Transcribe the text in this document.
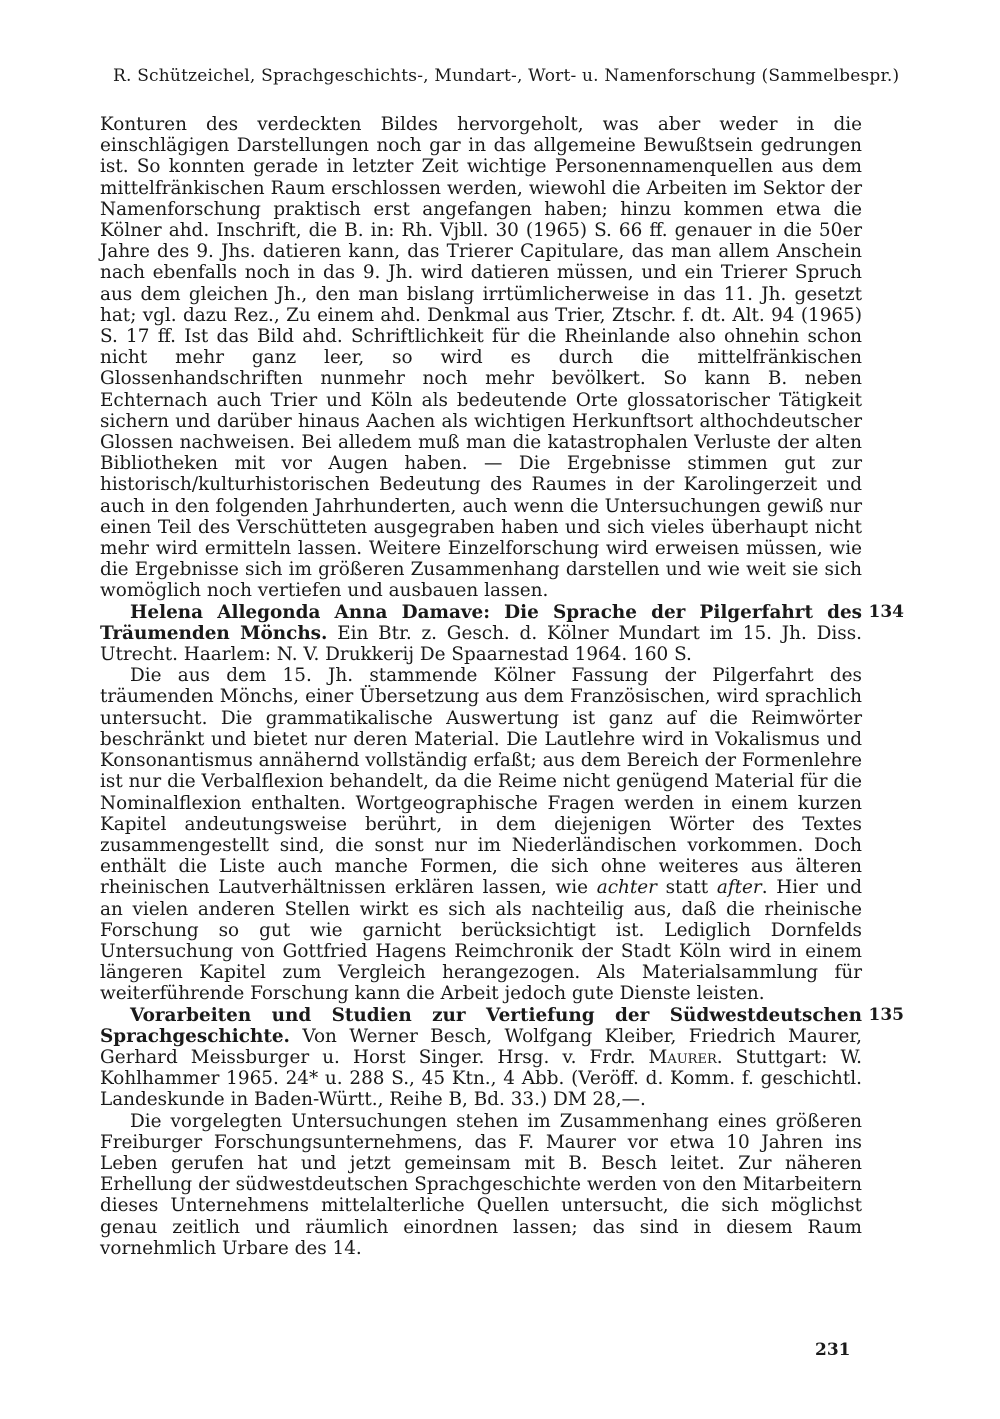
R. Schützeichel, Sprachgeschichts-, Mundart-, Wort- u. Namenforschung (Sammelbespr.)

Konturen des verdeckten Bildes hervorgeholt, was aber weder in die einschlägigen Darstellungen noch gar in das allgemeine Bewußtsein gedrungen ist. So konnten gerade in letzter Zeit wichtige Personennamenquellen aus dem mittelfränkischen Raum erschlossen werden, wiewohl die Arbeiten im Sektor der Namenforschung praktisch erst angefangen haben; hinzu kommen etwa die Kölner ahd. Inschrift, die B. in: Rh. Vjbll. 30 (1965) S. 66 ff. genauer in die 50er Jahre des 9. Jhs. datieren kann, das Trierer Capitulare, das man allem Anschein nach ebenfalls noch in das 9. Jh. wird datieren müssen, und ein Trierer Spruch aus dem gleichen Jh., den man bislang irrtümlicherweise in das 11. Jh. gesetzt hat; vgl. dazu Rez., Zu einem ahd. Denkmal aus Trier, Ztschr. f. dt. Alt. 94 (1965) S. 17 ff. Ist das Bild ahd. Schriftlichkeit für die Rheinlande also ohnehin schon nicht mehr ganz leer, so wird es durch die mittelfränkischen Glossenhandschriften nunmehr noch mehr bevölkert. So kann B. neben Echternach auch Trier und Köln als bedeutende Orte glossatorischer Tätigkeit sichern und darüber hinaus Aachen als wichtigen Herkunftsort althochdeutscher Glossen nachweisen. Bei alledem muß man die katastrophalen Verluste der alten Bibliotheken mit vor Augen haben. — Die Ergebnisse stimmen gut zur historisch/kulturhistorischen Bedeutung des Raumes in der Karolingerzeit und auch in den folgenden Jahrhunderten, auch wenn die Untersuchungen gewiß nur einen Teil des Verschütteten ausgegraben haben und sich vieles überhaupt nicht mehr wird ermitteln lassen. Weitere Einzelforschung wird erweisen müssen, wie die Ergebnisse sich im größeren Zusammenhang darstellen und wie weit sie sich womöglich noch vertiefen und ausbauen lassen.

134

Helena Allegonda Anna Damave: Die Sprache der Pilgerfahrt des Träumenden Mönchs. Ein Btr. z. Gesch. d. Kölner Mundart im 15. Jh. Diss. Utrecht. Haarlem: N. V. Drukkerij De Spaarnestad 1964. 160 S.

Die aus dem 15. Jh. stammende Kölner Fassung der Pilgerfahrt des träumenden Mönchs, einer Übersetzung aus dem Französischen, wird sprachlich untersucht. Die grammatikalische Auswertung ist ganz auf die Reimwörter beschränkt und bietet nur deren Material. Die Lautlehre wird in Vokalismus und Konsonantismus annähernd vollständig erfaßt; aus dem Bereich der Formenlehre ist nur die Verbalflexion behandelt, da die Reime nicht genügend Material für die Nominalflexion enthalten. Wortgeographische Fragen werden in einem kurzen Kapitel andeutungsweise berührt, in dem diejenigen Wörter des Textes zusammengestellt sind, die sonst nur im Niederländischen vorkommen. Doch enthält die Liste auch manche Formen, die sich ohne weiteres aus älteren rheinischen Lautverhältnissen erklären lassen, wie achter statt after. Hier und an vielen anderen Stellen wirkt es sich als nachteilig aus, daß die rheinische Forschung so gut wie garnicht berücksichtigt ist. Lediglich Dornfelds Untersuchung von Gottfried Hagens Reimchronik der Stadt Köln wird in einem längeren Kapitel zum Vergleich herangezogen. Als Materialsammlung für weiterführende Forschung kann die Arbeit jedoch gute Dienste leisten.

135

Vorarbeiten und Studien zur Vertiefung der Südwestdeutschen Sprachgeschichte. Von Werner Besch, Wolfgang Kleiber, Friedrich Maurer, Gerhard Meissburger u. Horst Singer. Hrsg. v. Frdr. Maurer. Stuttgart: W. Kohlhammer 1965. 24* u. 288 S., 45 Ktn., 4 Abb. (Veröff. d. Komm. f. geschichtl. Landeskunde in Baden-Württ., Reihe B, Bd. 33.) DM 28,—.

Die vorgelegten Untersuchungen stehen im Zusammenhang eines größeren Freiburger Forschungsunternehmens, das F. Maurer vor etwa 10 Jahren ins Leben gerufen hat und jetzt gemeinsam mit B. Besch leitet. Zur näheren Erhellung der südwestdeutschen Sprachgeschichte werden von den Mitarbeitern dieses Unternehmens mittelalterliche Quellen untersucht, die sich möglichst genau zeitlich und räumlich einordnen lassen; das sind in diesem Raum vornehmlich Urbare des 14.

231
